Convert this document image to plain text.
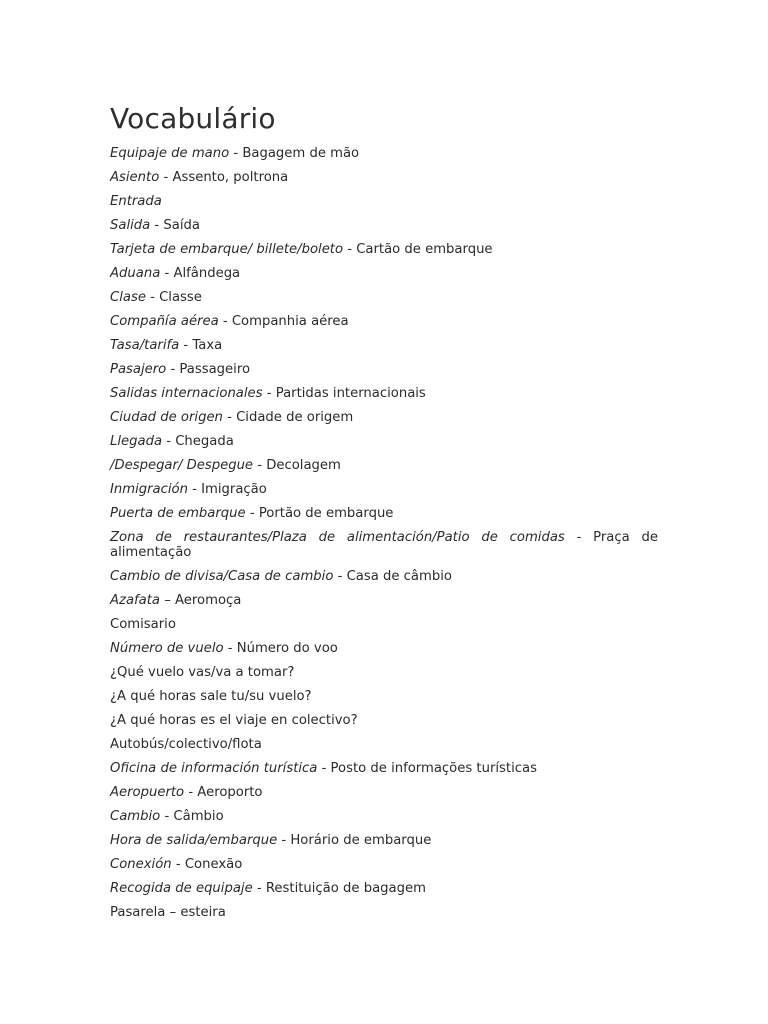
Vocabulário
Equipaje de mano - Bagagem de mão
Asiento - Assento, poltrona
Entrada
Salida - Saída
Tarjeta de embarque/ billete/boleto - Cartão de embarque
Aduana - Alfândega
Clase - Classe
Compañía aérea - Companhia aérea
Tasa/tarifa - Taxa
Pasajero - Passageiro
Salidas internacionales - Partidas internacionais
Ciudad de origen - Cidade de origem
Llegada - Chegada
/Despegar/ Despegue - Decolagem
Inmigración - Imigração
Puerta de embarque - Portão de embarque
Zona de restaurantes/Plaza de alimentación/Patio de comidas - Praça de alimentação
Cambio de divisa/Casa de cambio - Casa de câmbio
Azafata – Aeromoça
Comisario
Número de vuelo - Número do voo
¿Qué vuelo vas/va a tomar?
¿A qué horas sale tu/su vuelo?
¿A qué horas es el viaje en colectivo?
Autobús/colectivo/flota
Oficina de información turística - Posto de informações turísticas
Aeropuerto - Aeroporto
Cambio - Câmbio
Hora de salida/embarque - Horário de embarque
Conexión - Conexão
Recogida de equipaje - Restituição de bagagem
Pasarela – esteira
